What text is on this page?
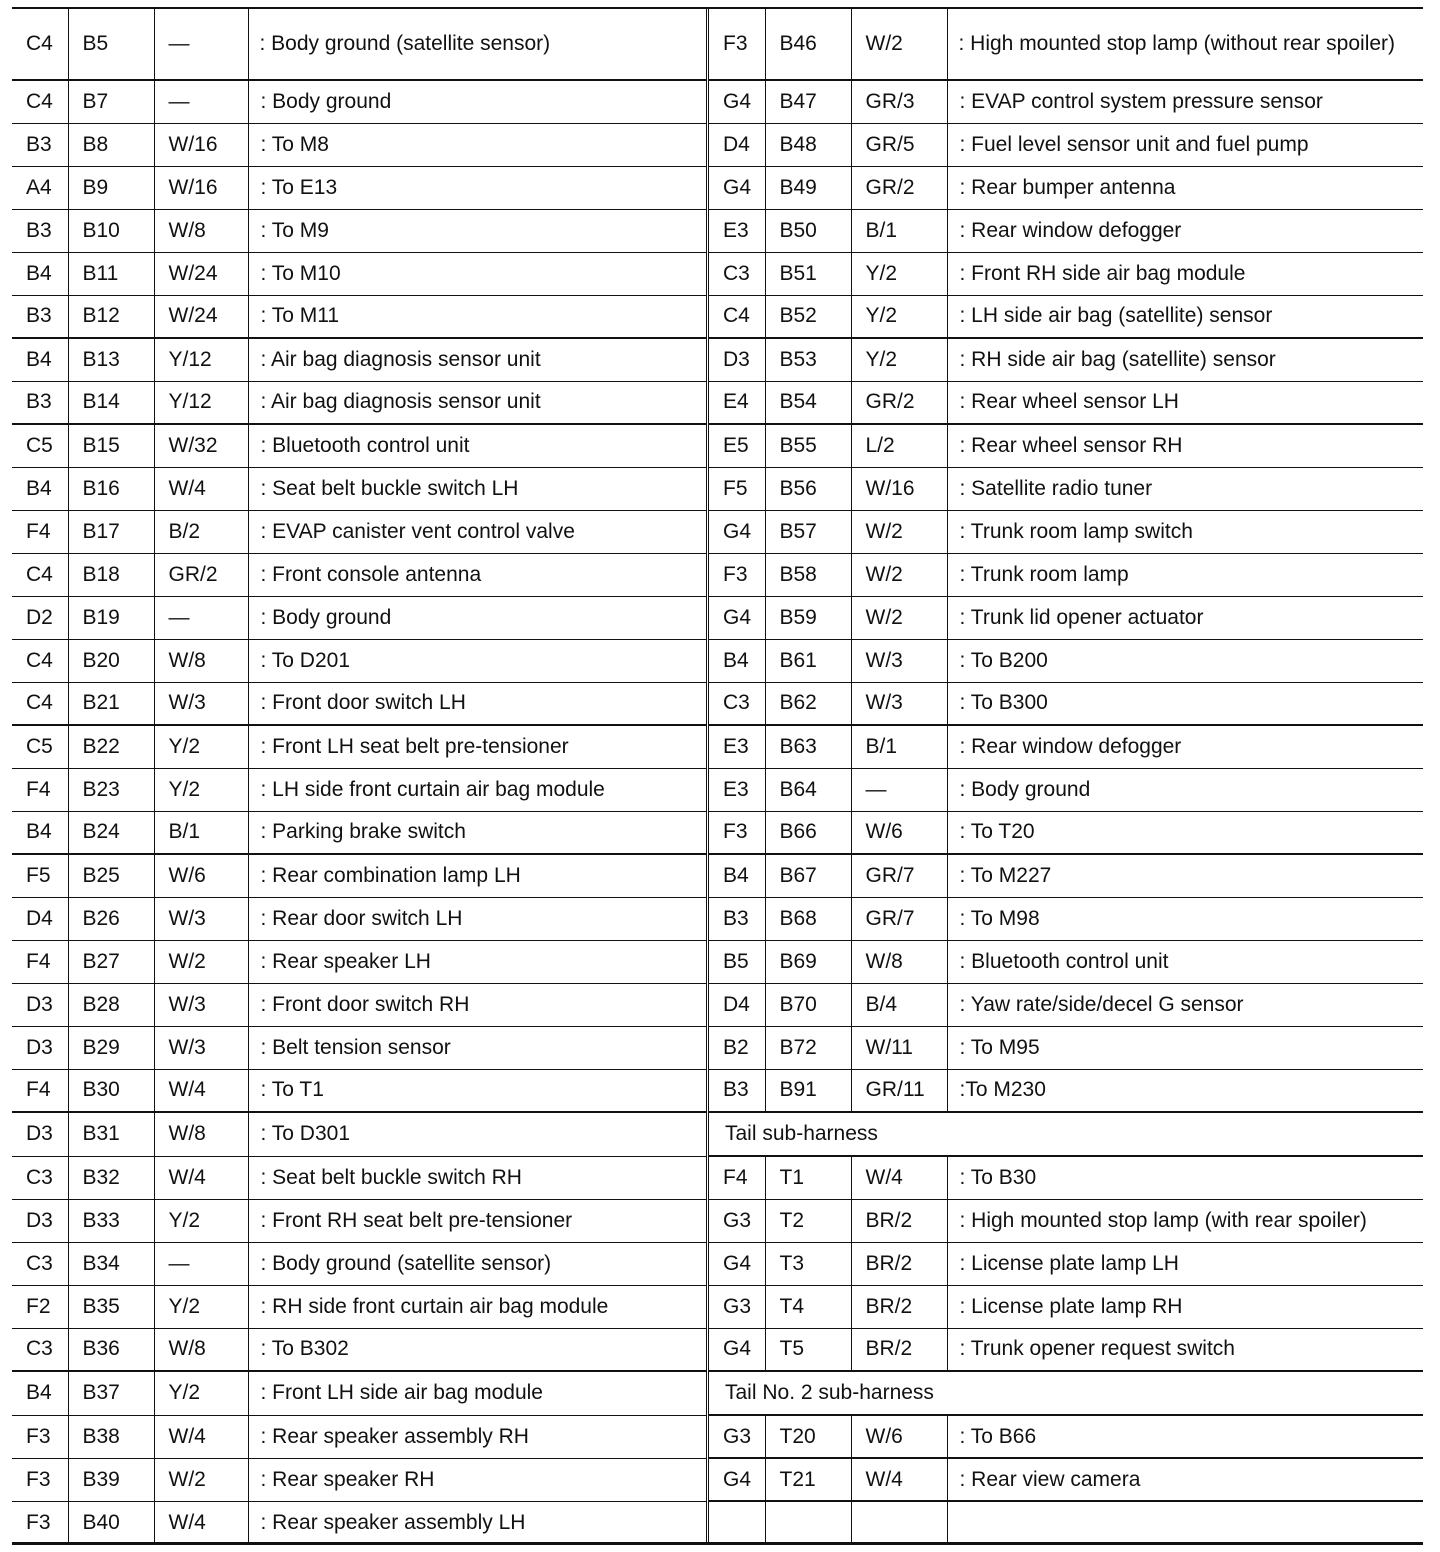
C4	B5	—	: Body ground (satellite sensor)
C4	B7	—	: Body ground
B3	B8	W/16	: To M8
A4	B9	W/16	: To E13
B3	B10	W/8	: To M9
B4	B11	W/24	: To M10
B3	B12	W/24	: To M11
B4	B13	Y/12	: Air bag diagnosis sensor unit
B3	B14	Y/12	: Air bag diagnosis sensor unit
C5	B15	W/32	: Bluetooth control unit
B4	B16	W/4	: Seat belt buckle switch LH
F4	B17	B/2	: EVAP canister vent control valve
C4	B18	GR/2	: Front console antenna
D2	B19	—	: Body ground
C4	B20	W/8	: To D201
C4	B21	W/3	: Front door switch LH
C5	B22	Y/2	: Front LH seat belt pre-tensioner
F4	B23	Y/2	: LH side front curtain air bag module
B4	B24	B/1	: Parking brake switch
F5	B25	W/6	: Rear combination lamp LH
D4	B26	W/3	: Rear door switch LH
F4	B27	W/2	: Rear speaker LH
D3	B28	W/3	: Front door switch RH
D3	B29	W/3	: Belt tension sensor
F4	B30	W/4	: To T1
D3	B31	W/8	: To D301
C3	B32	W/4	: Seat belt buckle switch RH
D3	B33	Y/2	: Front RH seat belt pre-tensioner
C3	B34	—	: Body ground (satellite sensor)
F2	B35	Y/2	: RH side front curtain air bag module
C3	B36	W/8	: To B302
B4	B37	Y/2	: Front LH side air bag module
F3	B38	W/4	: Rear speaker assembly RH
F3	B39	W/2	: Rear speaker RH
F3	B40	W/4	: Rear speaker assembly LH
F3	B46	W/2	: High mounted stop lamp (without rear spoiler)
G4	B47	GR/3	: EVAP control system pressure sensor
D4	B48	GR/5	: Fuel level sensor unit and fuel pump
G4	B49	GR/2	: Rear bumper antenna
E3	B50	B/1	: Rear window defogger
C3	B51	Y/2	: Front RH side air bag module
C4	B52	Y/2	: LH side air bag (satellite) sensor
D3	B53	Y/2	: RH side air bag (satellite) sensor
E4	B54	GR/2	: Rear wheel sensor LH
E5	B55	L/2	: Rear wheel sensor RH
F5	B56	W/16	: Satellite radio tuner
G4	B57	W/2	: Trunk room lamp switch
F3	B58	W/2	: Trunk room lamp
G4	B59	W/2	: Trunk lid opener actuator
B4	B61	W/3	: To B200
C3	B62	W/3	: To B300
E3	B63	B/1	: Rear window defogger
E3	B64	—	: Body ground
F3	B66	W/6	: To T20
B4	B67	GR/7	: To M227
B3	B68	GR/7	: To M98
B5	B69	W/8	: Bluetooth control unit
D4	B70	B/4	: Yaw rate/side/decel G sensor
B2	B72	W/11	: To M95
B3	B91	GR/11	:To M230
Tail sub-harness			
F4	T1	W/4	: To B30
G3	T2	BR/2	: High mounted stop lamp (with rear spoiler)
G4	T3	BR/2	: License plate lamp LH
G3	T4	BR/2	: License plate lamp RH
G4	T5	BR/2	: Trunk opener request switch
Tail No. 2 sub-harness			
G3	T20	W/6	: To B66
G4	T21	W/4	: Rear view camera
